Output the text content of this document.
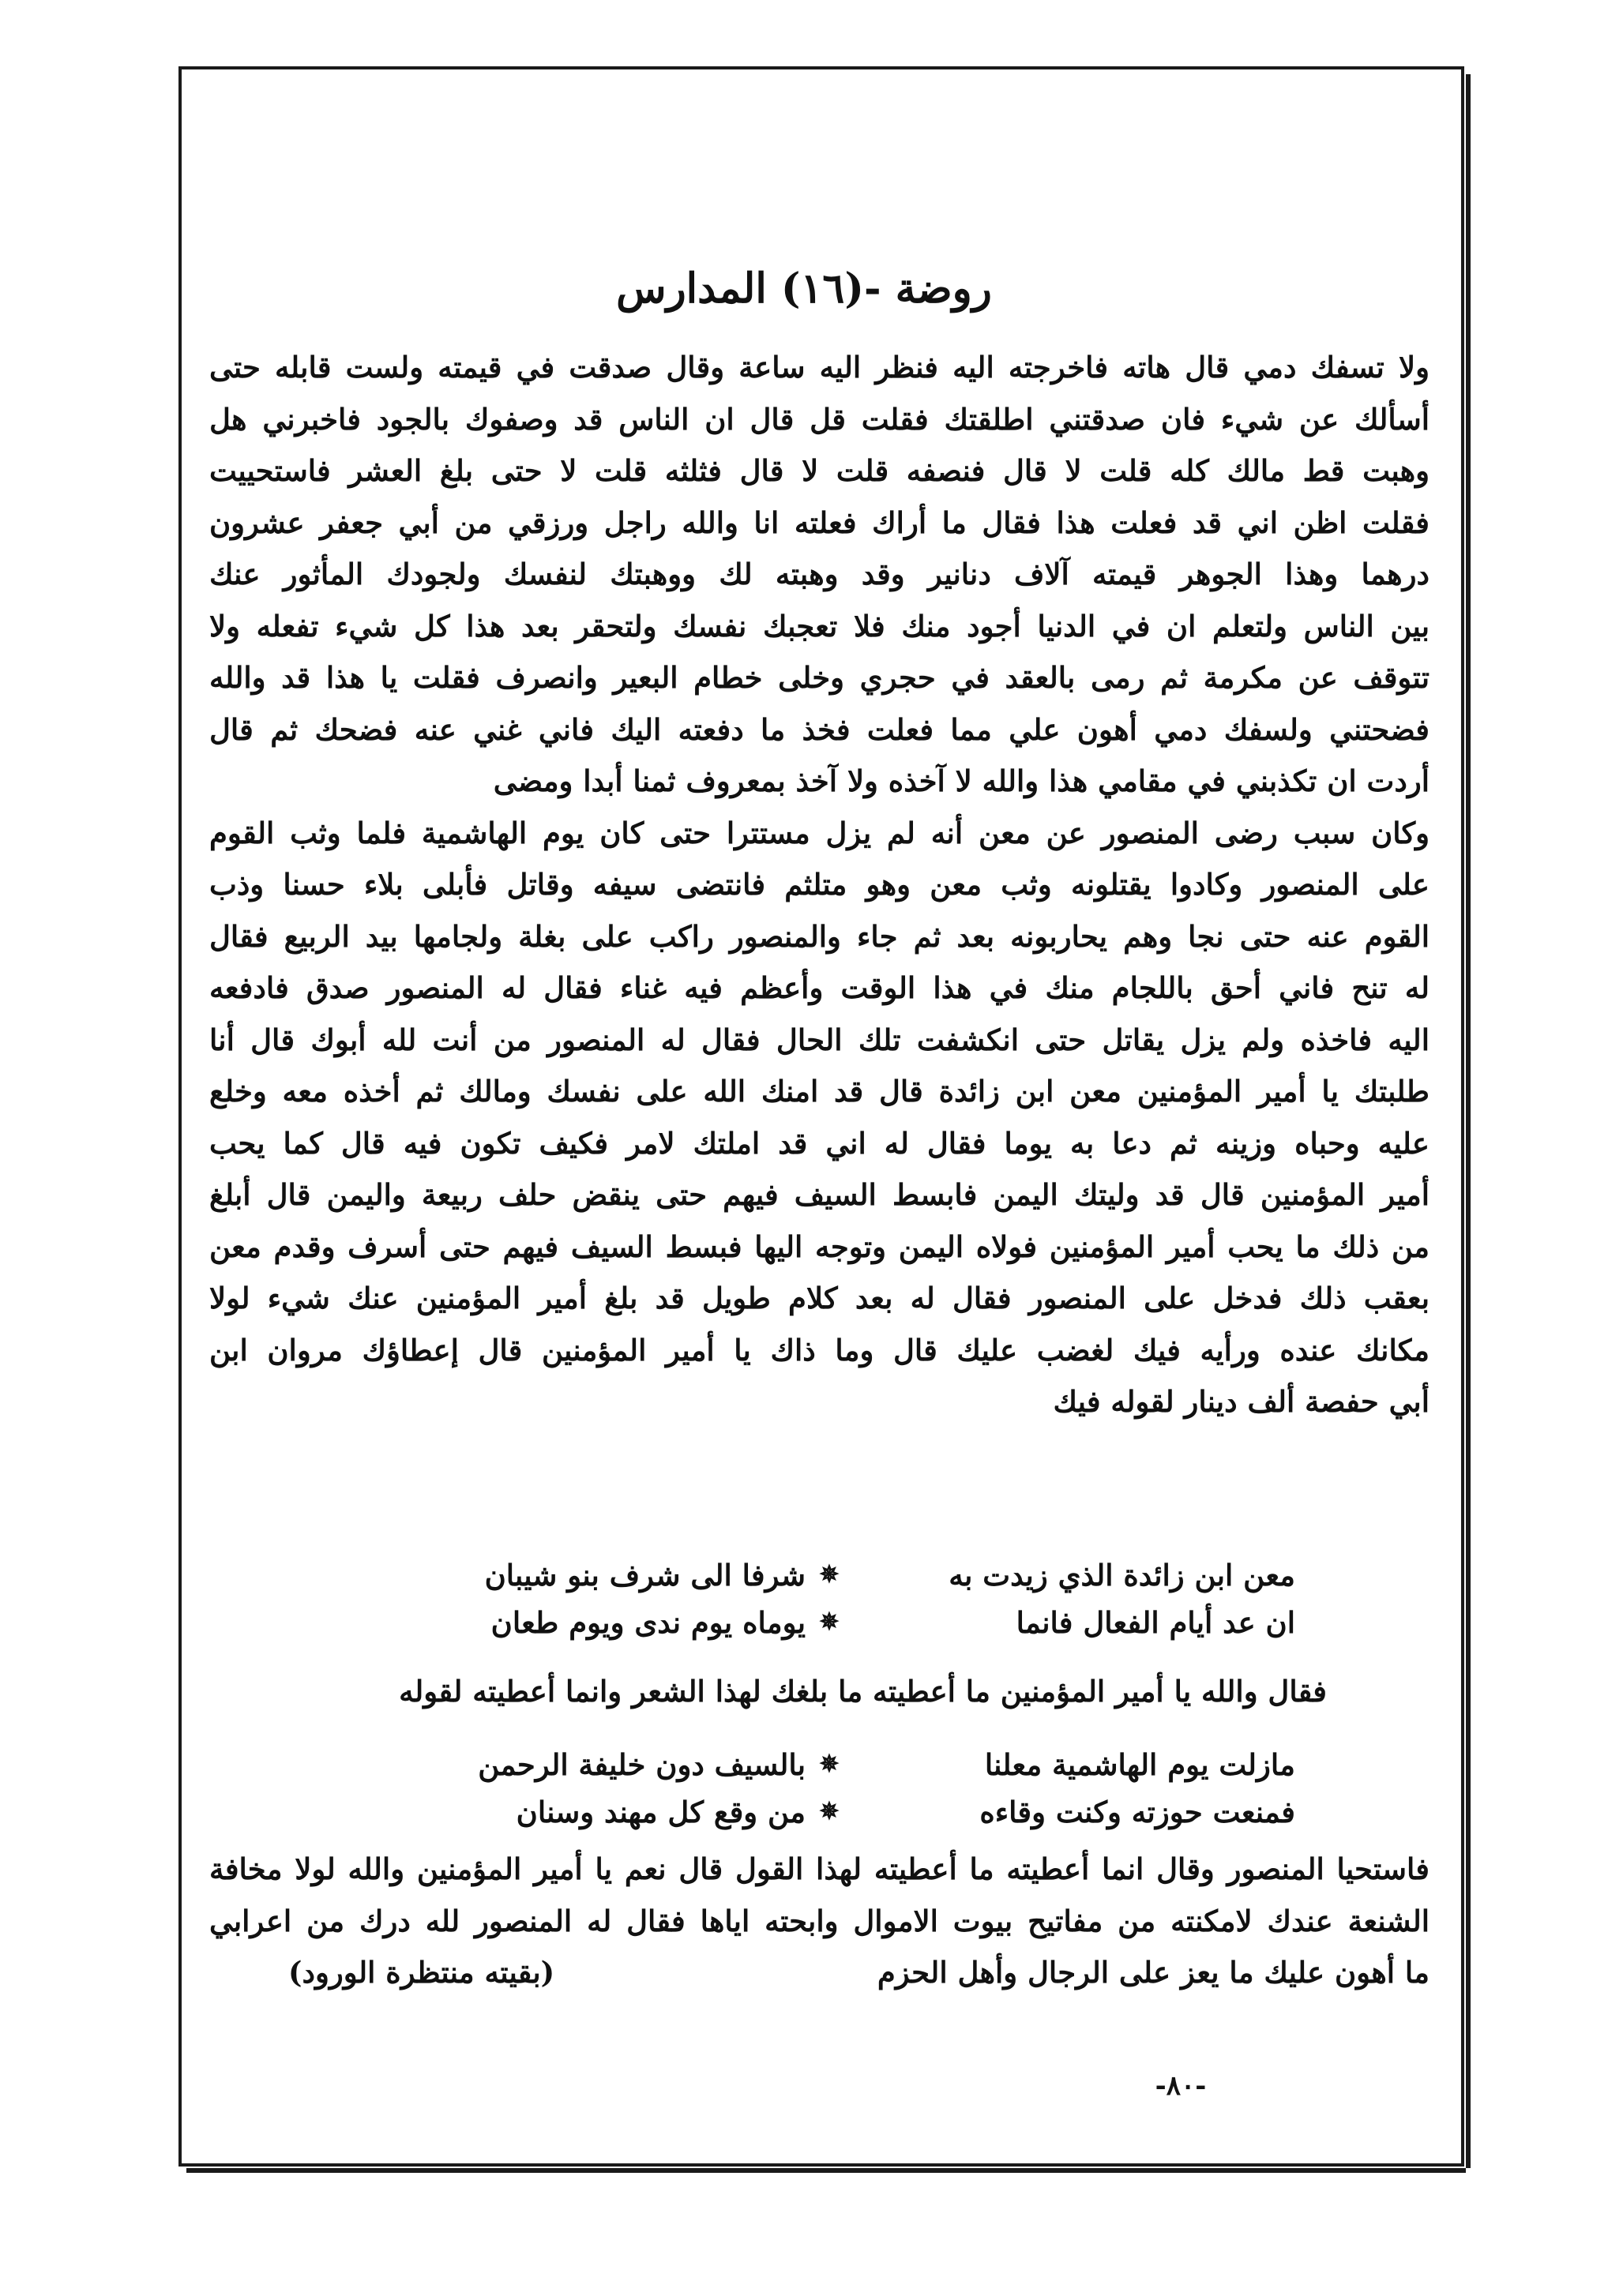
روضة -(١٦) المدارس
ولا تسفك دمي قال هاته فاخرجته اليه فنظر اليه ساعة وقال صدقت في قيمته ولست قابله حتى
أسألك عن شيء فان صدقتني اطلقتك فقلت قل قال ان الناس قد وصفوك بالجود فاخبرني هل
وهبت قط مالك كله قلت لا قال فنصفه قلت لا قال فثلثه قلت لا حتى بلغ العشر فاستحييت
فقلت اظن اني قد فعلت هذا فقال ما أراك فعلته انا والله راجل ورزقي من أبي جعفر عشرون
درهما وهذا الجوهر قيمته آلاف دنانير وقد وهبته لك ووهبتك لنفسك ولجودك المأثور عنك
بين الناس ولتعلم ان في الدنيا أجود منك فلا تعجبك نفسك ولتحقر بعد هذا كل شيء تفعله ولا
تتوقف عن مكرمة ثم رمى بالعقد في حجري وخلى خطام البعير وانصرف فقلت يا هذا قد والله
فضحتني ولسفك دمي أهون علي مما فعلت فخذ ما دفعته اليك فاني غني عنه فضحك ثم قال
أردت ان تكذبني في مقامي هذا والله لا آخذه ولا آخذ بمعروف ثمنا أبدا ومضى
وكان سبب رضى المنصور عن معن أنه لم يزل مستترا حتى كان يوم الهاشمية فلما وثب القوم
على المنصور وكادوا يقتلونه وثب معن وهو متلثم فانتضى سيفه وقاتل فأبلى بلاء حسنا وذب
القوم عنه حتى نجا وهم يحاربونه بعد ثم جاء والمنصور راكب على بغلة ولجامها بيد الربيع فقال
له تنح فاني أحق باللجام منك في هذا الوقت وأعظم فيه غناء فقال له المنصور صدق فادفعه
اليه فاخذه ولم يزل يقاتل حتى انكشفت تلك الحال فقال له المنصور من أنت لله أبوك قال أنا
طلبتك يا أمير المؤمنين معن ابن زائدة قال قد امنك الله على نفسك ومالك ثم أخذه معه وخلع
عليه وحباه وزينه ثم دعا به يوما فقال له اني قد املتك لامر فكيف تكون فيه قال كما يحب
أمير المؤمنين قال قد وليتك اليمن فابسط السيف فيهم حتى ينقض حلف ربيعة واليمن قال أبلغ
من ذلك ما يحب أمير المؤمنين فولاه اليمن وتوجه اليها فبسط السيف فيهم حتى أسرف وقدم معن
بعقب ذلك فدخل على المنصور فقال له بعد كلام طويل قد بلغ أمير المؤمنين عنك شيء لولا
مكانك عنده ورأيه فيك لغضب عليك قال وما ذاك يا أمير المؤمنين قال إعطاؤك مروان ابن
أبي حفصة ألف دينار لقوله فيك
معن ابن زائدة الذي زيدت به
✵
شرفا الى شرف بنو شيبان
ان عد أيام الفعال فانما
✵
يوماه يوم ندى ويوم طعان
فقال والله يا أمير المؤمنين ما أعطيته ما بلغك لهذا الشعر وانما أعطيته لقوله
مازلت يوم الهاشمية معلنا
✵
بالسيف دون خليفة الرحمن
فمنعت حوزته وكنت وقاءه
✵
من وقع كل مهند وسنان
فاستحيا المنصور وقال انما أعطيته ما أعطيته لهذا القول قال نعم يا أمير المؤمنين والله لولا مخافة
الشنعة عندك لامكنته من مفاتيح بيوت الاموال وابحته اياها فقال له المنصور لله درك من اعرابي
ما أهون عليك ما يعز على الرجال وأهل الحزم
(بقيته منتظرة الورود)
-٨٠-
